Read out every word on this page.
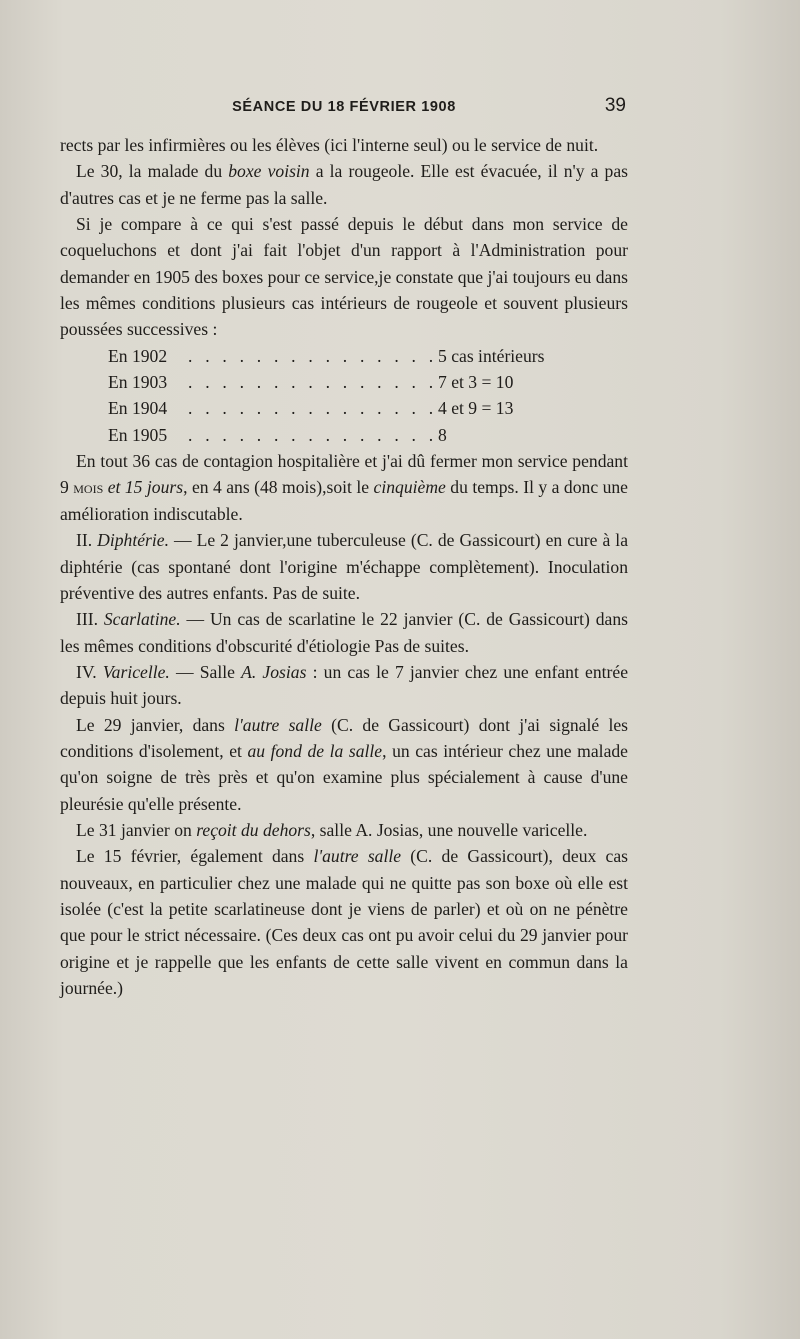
SÉANCE DU 18 FÉVRIER 1908	39

rects par les infirmières ou les élèves (ici l'interne seul) ou le service de nuit.

Le 30, la malade du boxe voisin a la rougeole. Elle est évacuée, il n'y a pas d'autres cas et je ne ferme pas la salle.

Si je compare à ce qui s'est passé depuis le début dans mon service de coqueluchons et dont j'ai fait l'objet d'un rapport à l'Administration pour demander en 1905 des boxes pour ce service,je constate que j'ai toujours eu dans les mêmes conditions plusieurs cas intérieurs de rougeole et souvent plusieurs poussées successives :

En 1902 . . . . . . . . . . . . . . . 5 cas intérieurs
En 1903 . . . . . . . . . . . . . . . 7 et 3 = 10
En 1904 . . . . . . . . . . . . . . . 4 et 9 = 13
En 1905 . . . . . . . . . . . . . . . 8

En tout 36 cas de contagion hospitalière et j'ai dû fermer mon service pendant 9 mois et 15 jours, en 4 ans (48 mois),soit le cinquième du temps. Il y a donc une amélioration indiscutable.

II. Diphtérie. — Le 2 janvier,une tuberculeuse (C. de Gassicourt) en cure à la diphtérie (cas spontané dont l'origine m'échappe complètement). Inoculation préventive des autres enfants. Pas de suite.

III. Scarlatine. — Un cas de scarlatine le 22 janvier (C. de Gassicourt) dans les mêmes conditions d'obscurité d'étiologie Pas de suites.

IV. Varicelle. — Salle A. Josias : un cas le 7 janvier chez une enfant entrée depuis huit jours.

Le 29 janvier, dans l'autre salle (C. de Gassicourt) dont j'ai signalé les conditions d'isolement, et au fond de la salle, un cas intérieur chez une malade qu'on soigne de très près et qu'on examine plus spécialement à cause d'une pleurésie qu'elle présente.

Le 31 janvier on reçoit du dehors, salle A. Josias, une nouvelle varicelle.

Le 15 février, également dans l'autre salle (C. de Gassicourt), deux cas nouveaux, en particulier chez une malade qui ne quitte pas son boxe où elle est isolée (c'est la petite scarlatineuse dont je viens de parler) et où on ne pénètre que pour le strict nécessaire. (Ces deux cas ont pu avoir celui du 29 janvier pour origine et je rappelle que les enfants de cette salle vivent en commun dans la journée.)
